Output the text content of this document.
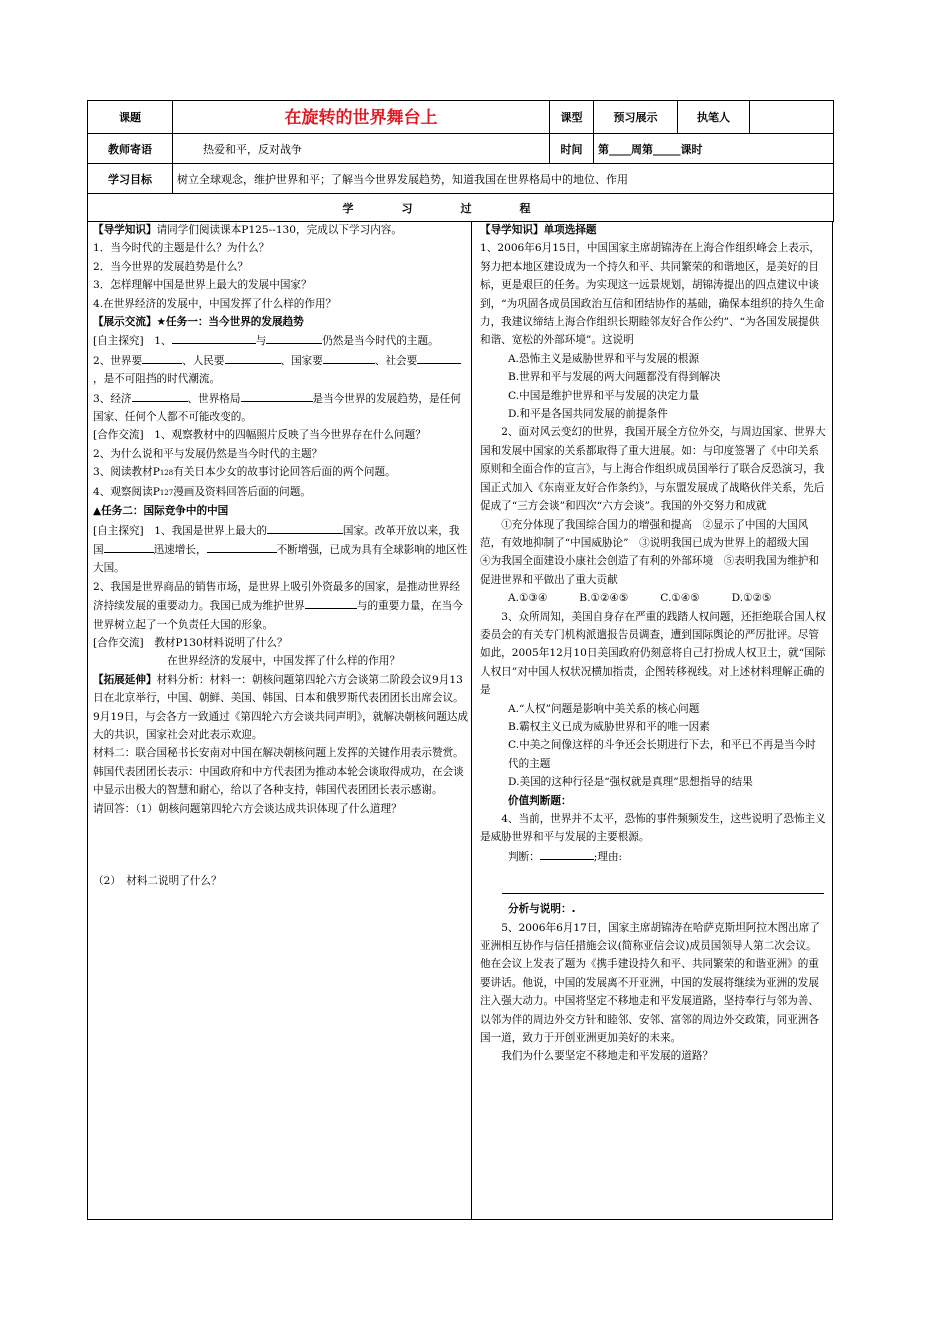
课题	在旋转的世界舞台上	课型	预习展示	执笔人	
教师寄语	热爱和平，反对战争	时间	第____周第_____课时		
学习目标	树立全球观念，维护世界和平；了解当今世界发展趋势，知道我国在世界格局中的地位、作用				
学习过程					

【导学知识】请同学们阅读课本P125--130，完成以下学习内容。

1．当今时代的主题是什么？为什么？

2．当今世界的发展趋势是什么？

3．怎样理解中国是世界上最大的发展中国家？

4.在世界经济的发展中，中国发挥了什么样的作用？

【展示交流】★任务一：当今世界的发展趋势

[自主探究]　 1、	与	仍然是当今时代的主题。

2、世界要	、人民要	、国家要	、社会要，是不可阻挡的时代潮流。

3、经济	、世界格局	是当今世界的发展趋势，是任何国家、任何个人都不可能改变的。

[合作交流]　1、观察教材中的四幅照片反映了当今世界存在什么问题？

2、为什么说和平与发展仍然是当今时代的主题？

3、阅读教材P128有关日本少女的故事讨论回答后面的两个问题。

4、观察阅读P127漫画及资料回答后面的问题。

▲任务二：国际竞争中的中国

[自主探究]　1、我国是世界上最大的	国家。改革开放以来，我国	迅速增长，	不断增强，已成为具有全球影响的地区性大国。

2、我国是世界商品的销售市场，是世界上吸引外资最多的国家，是推动世界经济持续发展的重要动力。我国已成为维护世界	与的重要力量，在当今世界树立起了一个负责任大国的形象。

[合作交流]　教材P130材料说明了什么？

在世界经济的发展中，中国发挥了什么样的作用？

【拓展延伸】材料分析：材料一：朝核问题第四轮六方会谈第二阶段会议9月13日在北京举行，中国、朝鲜、美国、韩国、日本和俄罗斯代表团团长出席会议。9月19日，与会各方一致通过《第四轮六方会谈共同声明》，就解决朝核问题达成大的共识，国家社会对此表示欢迎。

材料二：联合国秘书长安南对中国在解决朝核问题上发挥的关键作用表示赞赏。韩国代表团团长表示：中国政府和中方代表团为推动本轮会谈取得成功，在会谈中显示出极大的智慧和耐心，给以了各种支持，韩国代表团团长表示感谢。

请回答：（1）朝核问题第四轮六方会谈达成共识体现了什么道理？

（2）　材料二说明了什么？

【导学知识】单项选择题

1、2006年6月15日，中国国家主席胡锦涛在上海合作组织峰会上表示，努力把本地区建设成为一个持久和平、共同繁荣的和谐地区，是美好的目标，更是艰巨的任务。为实现这一远景规划，胡锦涛提出的四点建议中谈到，“为巩固各成员国政治互信和团结协作的基础，确保本组织的持久生命力，我建议缔结上海合作组织长期睦邻友好合作公约”、“为各国发展提供和谐、宽松的外部环境”。这说明

A.恐怖主义是威胁世界和平与发展的根源

B.世界和平与发展的两大问题都没有得到解决

C.中国是维护世界和平与发展的决定力量

D.和平是各国共同发展的前提条件

2、面对风云变幻的世界，我国开展全方位外交，与周边国家、世界大国和发展中国家的关系都取得了重大进展。如：与印度签署了《中印关系原则和全面合作的宣言》，与上海合作组织成员国举行了联合反恐演习，我国正式加入《东南亚友好合作条约》，与东盟发展成了战略伙伴关系，先后促成了“三方会谈”和四次“六方会谈”。我国的外交努力和成就

①充分体现了我国综合国力的增强和提高　②显示了中国的大国风范，有效地抑制了“中国威胁论”　③说明我国已成为世界上的超级大国　④为我国全面建设小康社会创造了有利的外部环境　⑤表明我国为维护和促进世界和平做出了重大贡献

A.①③④　　　B.①②④⑤　　　C.①④⑤　　　D.①②⑤

3、众所周知，美国自身存在严重的践踏人权问题，还拒绝联合国人权委员会的有关专门机构派遣报告员调查，遭到国际舆论的严厉批评。尽管如此，2005年12月10日美国政府仍刻意将自己打扮成人权卫士，就“国际人权日”对中国人权状况横加指责，企图转移视线。对上述材料理解正确的是

A.“人权”问题是影响中美关系的核心问题

B.霸权主义已成为威胁世界和平的唯一因素

C.中美之间像这样的斗争还会长期进行下去，和平已不再是当今时代的主题

D.美国的这种行径是“强权就是真理”思想指导的结果

价值判断题：

4、当前，世界并不太平，恐怖的事件频频发生，这些说明了恐怖主义是威胁世界和平与发展的主要根源。

判断：	;理由:

分析与说明：.

5、2006年6月17日，国家主席胡锦涛在哈萨克斯坦阿拉木图出席了亚洲相互协作与信任措施会议(简称亚信会议)成员国领导人第二次会议。他在会议上发表了题为《携手建设持久和平、共同繁荣的和谐亚洲》的重要讲话。他说，中国的发展离不开亚洲，中国的发展将继续为亚洲的发展注入强大动力。中国将坚定不移地走和平发展道路，坚持奉行与邻为善、以邻为伴的周边外交方针和睦邻、安邻、富邻的周边外交政策，同亚洲各国一道，致力于开创亚洲更加美好的未来。

我们为什么要坚定不移地走和平发展的道路？
